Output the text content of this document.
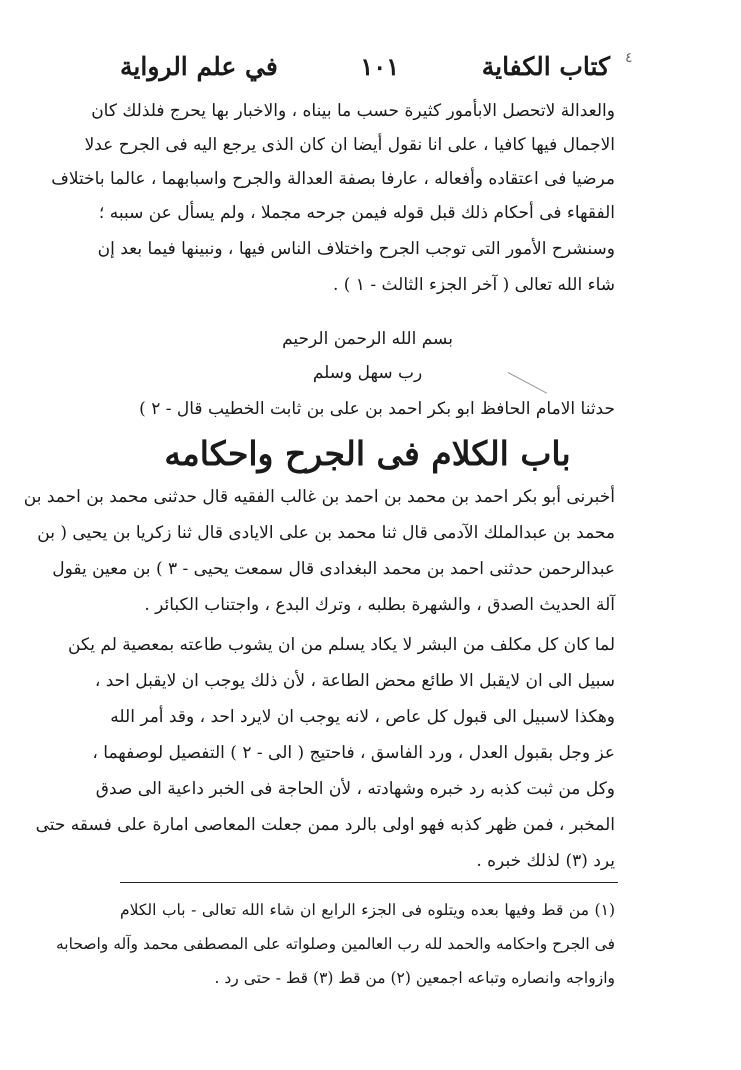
٤
كتاب الكفاية
١٠١
في علم الرواية
والعدالة لاتحصل الابأمور كثيرة حسب ما بيناه ، والاخبار بها يحرج فلذلك كان
الاجمال فيها كافيا ، على انا نقول أيضا ان كان الذى يرجع اليه فى الجرح عدلا
مرضيا فى اعتقاده وأفعاله ، عارفا بصفة العدالة والجرح واسبابهما ، عالما باختلاف
الفقهاء فى أحكام ذلك قبل قوله فيمن جرحه مجملا ، ولم يسأل عن سببه ؛
وسنشرح الأمور التى توجب الجرح واختلاف الناس فيها ، ونبينها فيما بعد إن
شاء الله تعالى ( آخر الجزء الثالث - ١ ) .
بسم الله الرحمن الرحيم
رب سهل وسلم
حدثنا الامام الحافظ ابو بكر احمد بن على بن ثابت الخطيب قال - ٢ )
باب الكلام فى الجرح واحكامه
أخبرنى أبو بكر احمد بن محمد بن احمد بن غالب الفقيه قال حدثنى محمد بن احمد بن
محمد بن عبدالملك الآدمى قال ثنا محمد بن على الايادى قال ثنا زكريا بن يحيى ( بن
عبدالرحمن حدثنى احمد بن محمد البغدادى قال سمعت يحيى - ٣ ) بن معين يقول
آلة الحديث الصدق ، والشهرة بطلبه ، وترك البدع ، واجتناب الكبائر .
لما كان كل مكلف من البشر لا يكاد يسلم من ان يشوب طاعته بمعصية لم يكن
سبيل الى ان لايقبل الا طائع محض الطاعة ، لأن ذلك يوجب ان لايقبل احد ،
وهكذا لاسبيل الى قبول كل عاص ، لانه يوجب ان لايرد احد ، وقد أمر الله
عز وجل بقبول العدل ، ورد الفاسق ، فاحتيج ( الى - ٢ ) التفصيل لوصفهما ،
وكل من ثبت كذبه رد خبره وشهادته ، لأن الحاجة فى الخبر داعية الى صدق
المخبر ، فمن ظهر كذبه فهو اولى بالرد ممن جعلت المعاصى امارة على فسقه حتى
يرد (٣) لذلك خبره .
(١) من قط وفيها بعده ويتلوه فى الجزء الرابع ان شاء الله تعالى - باب الكلام
فى الجرح واحكامه والحمد لله رب العالمين وصلواته على المصطفى محمد وآله واصحابه
وازواجه وانصاره وتباعه اجمعين (٢) من قط (٣) قط - حتى رد .
